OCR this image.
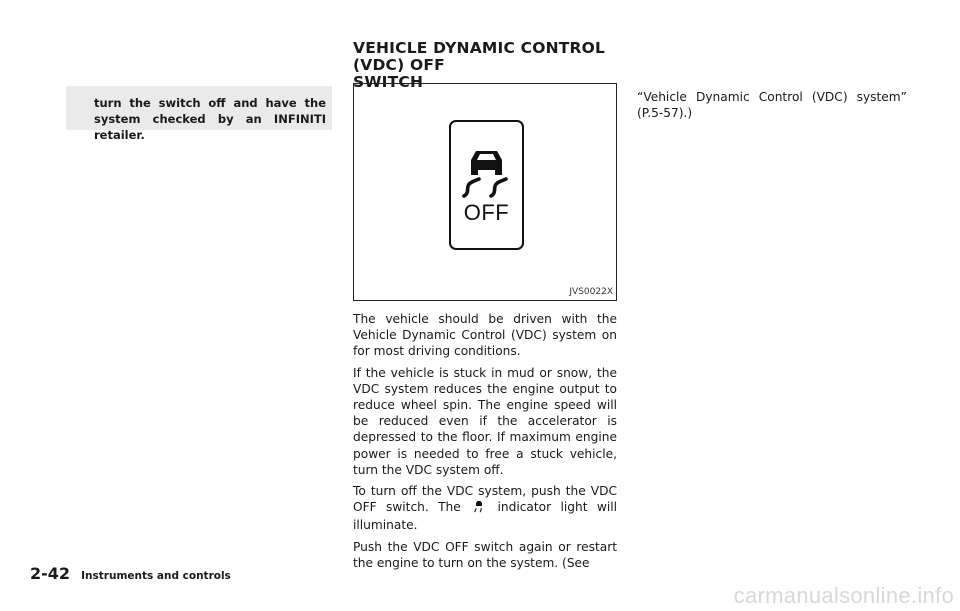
turn the switch off and have the system checked by an INFINITI retailer.
VEHICLE DYNAMIC CONTROL (VDC) OFF
SWITCH
OFF
JVS0022X

The vehicle should be driven with the Vehicle Dynamic Control (VDC) system on for most driving conditions.

If the vehicle is stuck in mud or snow, the VDC system reduces the engine output to reduce wheel spin. The engine speed will be reduced even if the accelerator is depressed to the floor. If maximum engine power is needed to free a stuck vehicle, turn the VDC system off.

To turn off the VDC system, push the VDC OFF switch. The	indicator light will illuminate.

Push the VDC OFF switch again or restart the engine to turn on the system. (See

“Vehicle Dynamic Control (VDC) system” (P.5-57).)
2-42 Instruments and controls
carmanualsonline.info
